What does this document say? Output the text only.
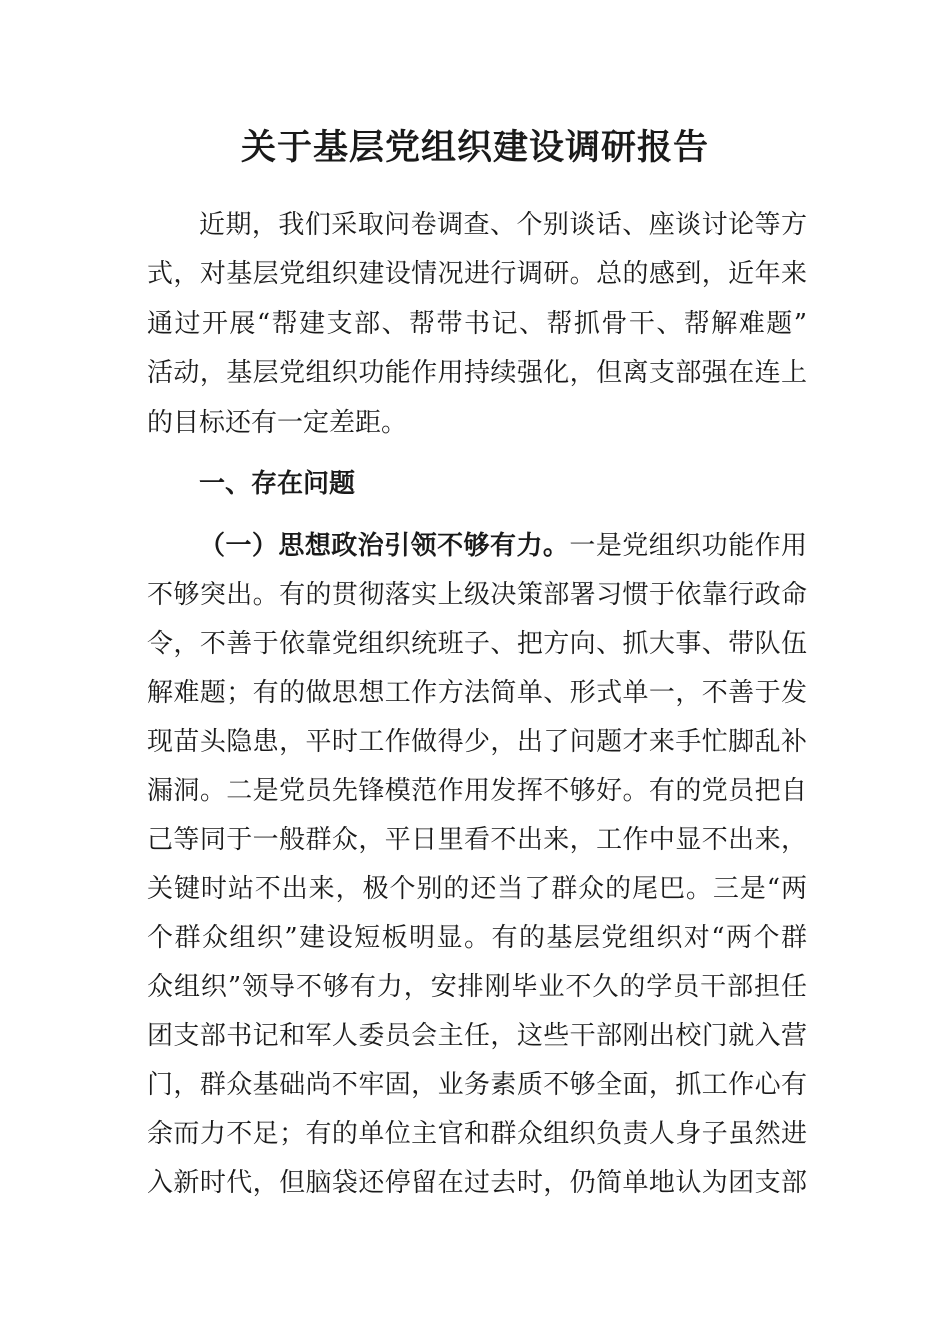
关于基层党组织建设调研报告

近期，我们采取问卷调查、个别谈话、座谈讨论等方

式，对基层党组织建设情况进行调研。总的感到，近年来

通过开展“帮建支部、帮带书记、帮抓骨干、帮解难题”

活动，基层党组织功能作用持续强化，但离支部强在连上

的目标还有一定差距。

一、存在问题

（一）思想政治引领不够有力。一是党组织功能作用

不够突出。有的贯彻落实上级决策部署习惯于依靠行政命

令，不善于依靠党组织统班子、把方向、抓大事、带队伍

解难题；有的做思想工作方法简单、形式单一，不善于发

现苗头隐患，平时工作做得少，出了问题才来手忙脚乱补

漏洞。二是党员先锋模范作用发挥不够好。有的党员把自

己等同于一般群众，平日里看不出来，工作中显不出来，

关键时站不出来，极个别的还当了群众的尾巴。三是“两

个群众组织”建设短板明显。有的基层党组织对“两个群

众组织”领导不够有力，安排刚毕业不久的学员干部担任

团支部书记和军人委员会主任，这些干部刚出校门就入营

门，群众基础尚不牢固，业务素质不够全面，抓工作心有

余而力不足；有的单位主官和群众组织负责人身子虽然进

入新时代，但脑袋还停留在过去时，仍简单地认为团支部
